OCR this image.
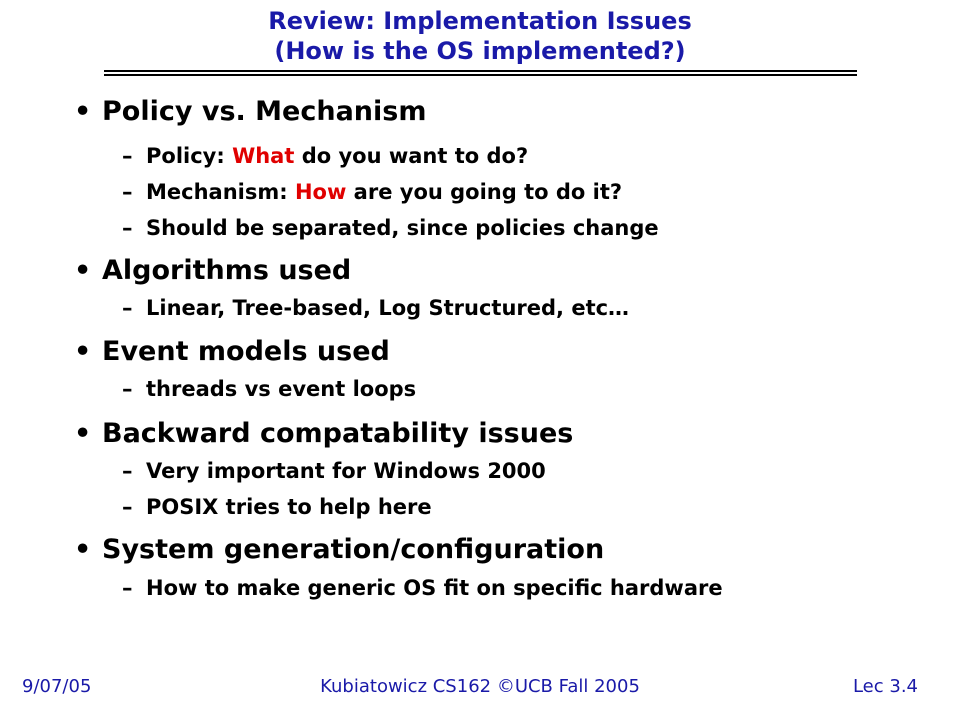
Review: Implementation Issues
(How is the OS implemented?)
• Policy vs. Mechanism
– Policy: What do you want to do?
– Mechanism: How are you going to do it?
– Should be separated, since policies change
• Algorithms used
– Linear, Tree-based, Log Structured, etc…
• Event models used
– threads vs event loops
• Backward compatability issues
– Very important for Windows 2000
– POSIX tries to help here
• System generation/configuration
– How to make generic OS fit on specific hardware
9/07/05	Kubiatowicz CS162 ©UCB Fall 2005	Lec 3.4
